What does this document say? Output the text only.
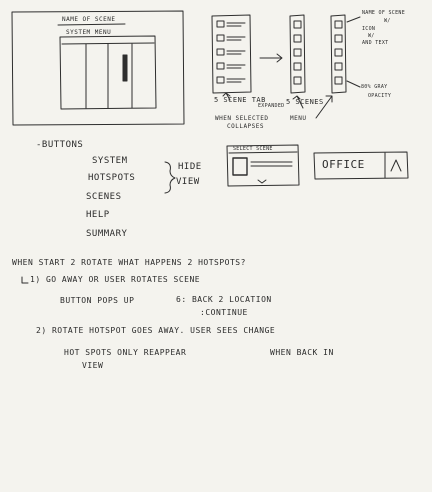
NAME OF SCENE
SYSTEM MENU
EXPANDED
5 SCENE TAB
WHEN SELECTED
COLLAPSES
5 SCENES
MENU
NAME OF SCENE
W/
ICON
W/
AND TEXT
80% GRAY
OPACITY
-BUTTONS
SYSTEM
HOTSPOTS
SCENES
HELP
SUMMARY
HIDE
VIEW
SELECT SCENE
OFFICE
WHEN START 2 ROTATE WHAT HAPPENS 2 HOTSPOTS?
1) GO AWAY OR USER ROTATES SCENE
BUTTON POPS UP	6: BACK 2 LOCATION
:CONTINUE
2) ROTATE HOTSPOT GOES AWAY. USER SEES CHANGE
HOT SPOTS ONLY REAPPEAR	WHEN BACK IN
VIEW
